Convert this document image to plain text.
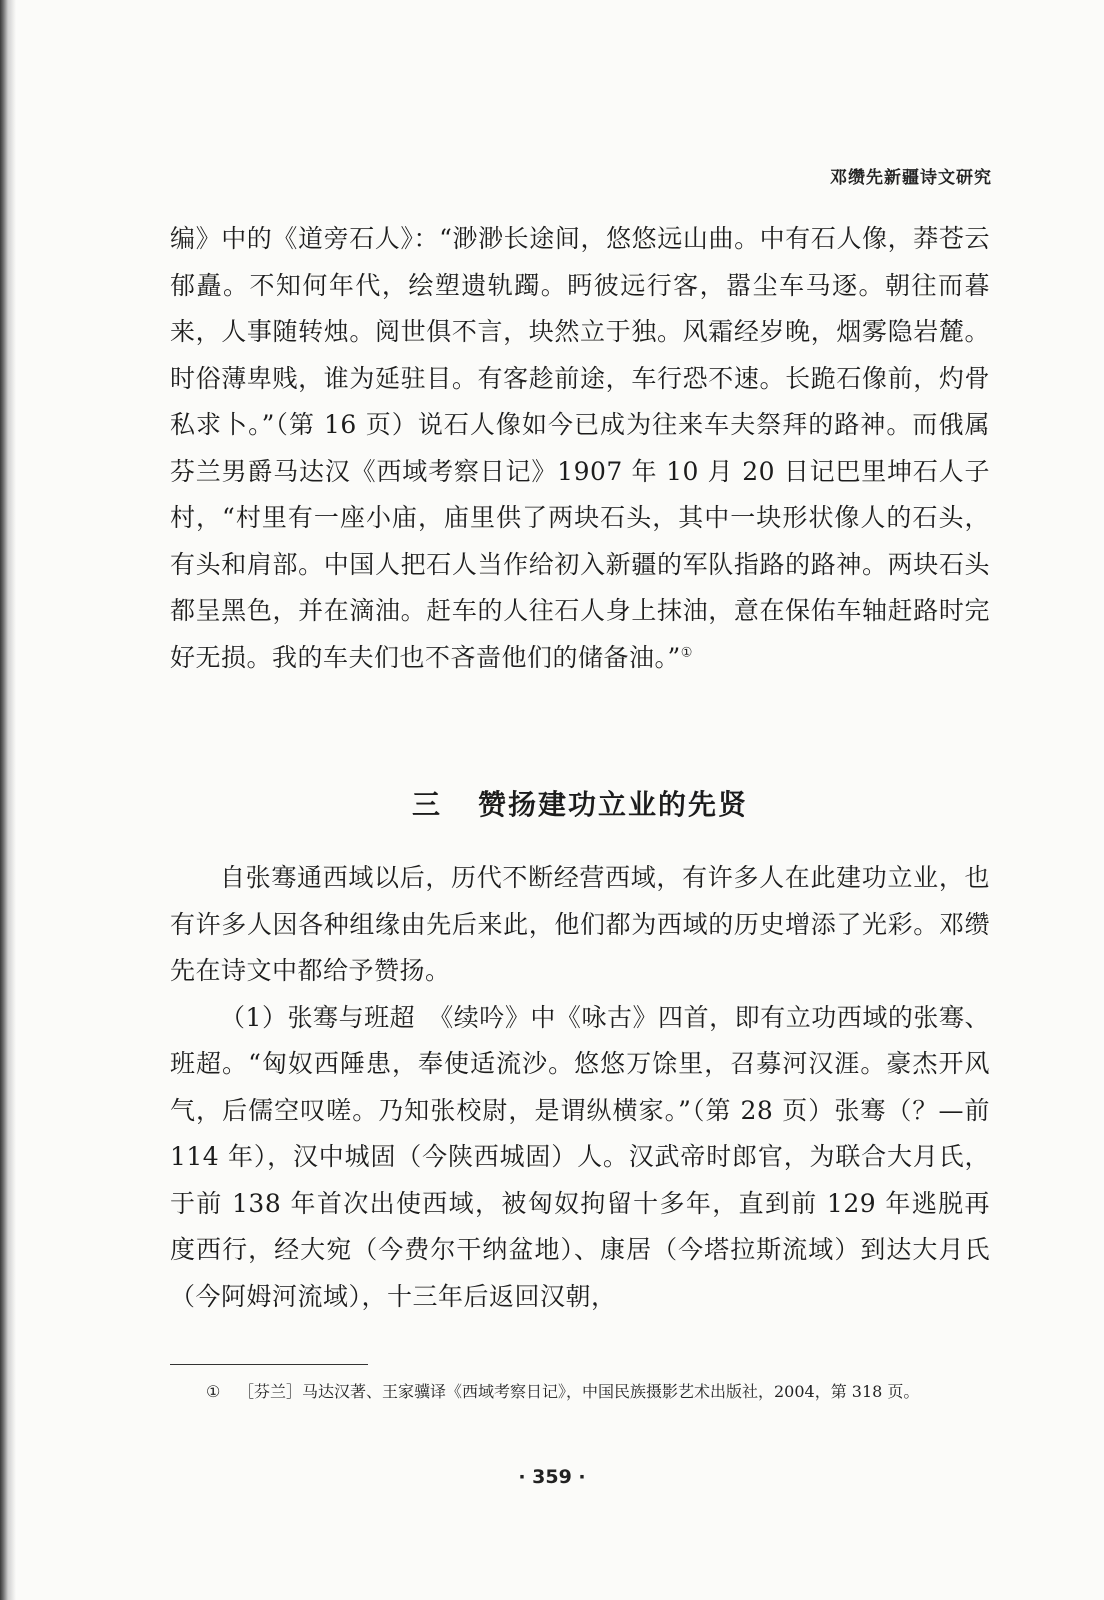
邓缵先新疆诗文研究

编》中的《道旁石人》：“渺渺长途间，悠悠远山曲。中有石人像，莽苍云郁矗。不知何年代，绘塑遗轨躅。眄彼远行客，嚣尘车马逐。朝往而暮来，人事随转烛。阅世俱不言，块然立于独。风霜经岁晚，烟雾隐岩麓。时俗薄卑贱，谁为延驻目。有客趁前途，车行恐不速。长跪石像前，灼骨私求卜。”（第 16 页）说石人像如今已成为往来车夫祭拜的路神。而俄属芬兰男爵马达汉《西域考察日记》1907 年 10 月 20 日记巴里坤石人子村，“村里有一座小庙，庙里供了两块石头，其中一块形状像人的石头，有头和肩部。中国人把石人当作给初入新疆的军队指路的路神。两块石头都呈黑色，并在滴油。赶车的人往石人身上抹油，意在保佑车轴赶路时完好无损。我的车夫们也不吝啬他们的储备油。”①

三 赞扬建功立业的先贤

自张骞通西域以后，历代不断经营西域，有许多人在此建功立业，也有许多人因各种组缘由先后来此，他们都为西域的历史增添了光彩。邓缵先在诗文中都给予赞扬。

（1）张骞与班超　《续吟》中《咏古》四首，即有立功西域的张骞、班超。“匈奴西陲患，奉使适流沙。悠悠万馀里，召募河汉涯。豪杰开风气，后儒空叹嗟。乃知张校尉，是谓纵横家。”（第 28 页）张骞（？—前 114 年），汉中城固（今陕西城固）人。汉武帝时郎官，为联合大月氏，于前 138 年首次出使西域，被匈奴拘留十多年，直到前 129 年逃脱再度西行，经大宛（今费尔干纳盆地）、康居（今塔拉斯流域）到达大月氏（今阿姆河流域），十三年后返回汉朝，

①	［芬兰］马达汉著、王家骥译《西域考察日记》，中国民族摄影艺术出版社，2004，第 318 页。
· 359 ·
